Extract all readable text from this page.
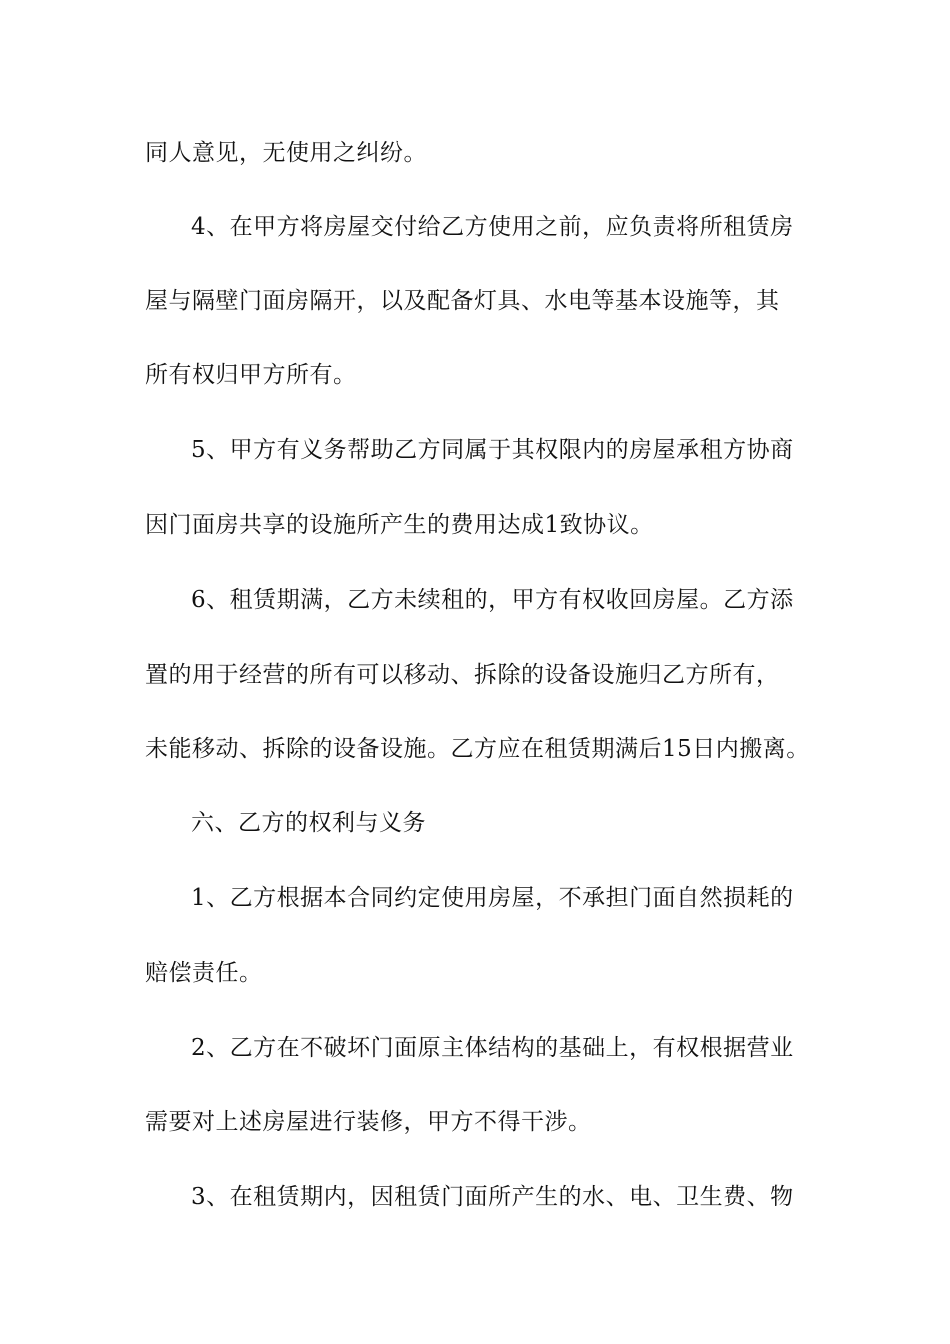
同人意见，无使用之纠纷。
4、在甲方将房屋交付给乙方使用之前，应负责将所租赁房
屋与隔壁门面房隔开，以及配备灯具、水电等基本设施等，其
所有权归甲方所有。
5、甲方有义务帮助乙方同属于其权限内的房屋承租方协商
因门面房共享的设施所产生的费用达成1致协议。
6、租赁期满，乙方未续租的，甲方有权收回房屋。乙方添
置的用于经营的所有可以移动、拆除的设备设施归乙方所有，
未能移动、拆除的设备设施。乙方应在租赁期满后15日内搬离。
六、乙方的权利与义务
1、乙方根据本合同约定使用房屋，不承担门面自然损耗的
赔偿责任。
2、乙方在不破坏门面原主体结构的基础上，有权根据营业
需要对上述房屋进行装修，甲方不得干涉。
3、在租赁期内，因租赁门面所产生的水、电、卫生费、物
